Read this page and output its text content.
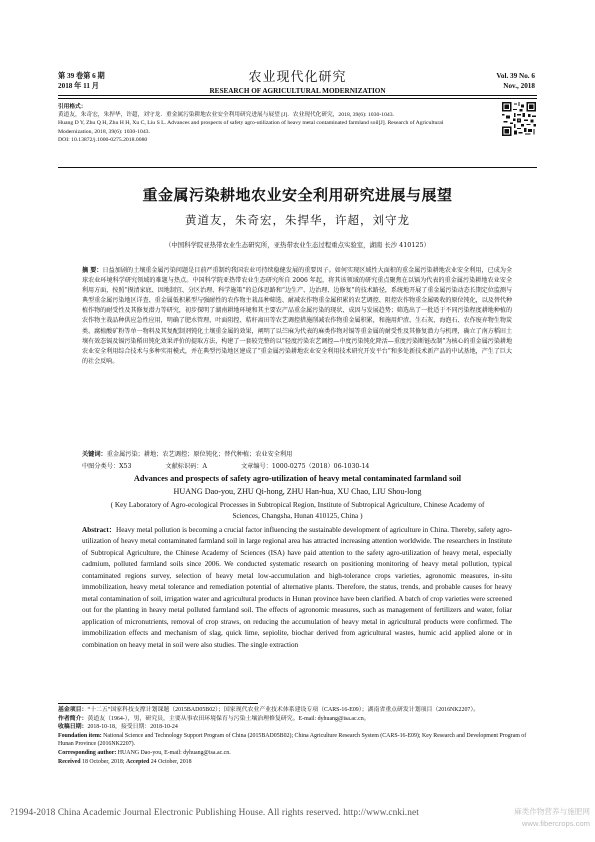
第 39 卷第 6 期
2018 年 11 月
农业现代化研究
RESEARCH OF AGRICULTURAL MODERNIZATION
Vol. 39 No. 6
Nov., 2018
引用格式：
黄道友，朱奇宏，朱捍华，许超，刘守龙．重金属污染耕地农业安全利用研究进展与展望 [J]．农业现代化研究，2018, 39(6): 1030-1043.
Huang D Y, Zhu Q H, Zhu H H, Xu C, Liu S L. Advances and prospects of safety agro-utilization of heavy metal contaminated farmland soil[J]. Research of Agricultural Modernization, 2018, 39(6): 1030-1043.
DOI: 10.13872/j.1000-0275.2018.0080
重金属污染耕地农业安全利用研究进展与展望
黄道友，朱奇宏，朱捍华，许超，刘守龙
（中国科学院亚热带农业生态研究所，亚热带农业生态过程重点实验室，湖南 长沙 410125）
摘 要：日益加剧的土壤重金属污染问题是目前严重制约我国农业可持续稳健发展的重要因子。如何实现区域性大面积的重金属污染耕地农业安全利用，已成为全球农业环境科学研究领域的难题与热点。中国科学院亚热带农业生态研究所自 2006 年起，将其该领域的研究重点聚焦在以镉为代表的重金属污染耕地农业安全利用方面，按照“摸清家底、因地制宜、分区治理、科学施策”的总体思路和“边生产、边治理、边修复”的技术路径，系统地开展了重金属污染动态长期定位监测与典型重金属污染地区详查、重金属低积累型与强耐性的农作物主栽品种筛选、耐减农作物重金属积累的农艺调控、阻控农作物重金属吸收的原位钝化，以及替代种植作物的耐受性及其修复潜力等研究，初步探明了湖南耕地环境和其主要农产品重金属污染的现状、成因与发展趋势；筛选出了一批适于不同污染程度耕地种植的农作物主栽品种供应急性应用，明确了肥水管理、叶面阻控、秸秆离田等农艺调控措施削减农作物重金属积累，和施用炉渣、生石灰、海泡石、农作废弃物生物炭类、腐植酸矿粉等单一物料及其复配制剂钝化土壤重金属的效果，阐明了以苎麻为代表的麻类作物对镉等重金属的耐受性及其修复潜力与机理，确立了南方稻田土壤有效态镉及镉污染稻田钝化效果评价的提取方法，构建了一套较完整的以“轻度污染农艺调控—中度污染钝化降活—重度污染断链改制”为核心的重金属污染耕地农业安全利用综合技术与多种实用模式，并在典型污染地区建成了“重金属污染耕地农业安全利用技术研究开发平台”和多处新技术新产品的中试基地，产生了巨大的社会反响。
关键词：重金属污染；耕地；农艺调控；原位钝化；替代种植；农业安全利用
中图分类号：X53	文献标识码：A	文章编号：1000-0275（2018）06-1030-14
Advances and prospects of safety agro-utilization of heavy metal contaminated farmland soil
HUANG Dao-you, ZHU Qi-hong, ZHU Han-hua, XU Chao, LIU Shou-long
( Key Laboratory of Agro-ecological Processes in Subtropical Region, Institute of Subtropical Agriculture, Chinese Academy of Sciences, Changsha, Hunan 410125, China )
Abstract：Heavy metal pollution is becoming a crucial factor influencing the sustainable development of agriculture in China. Thereby, safety agro-utilization of heavy metal contaminated farmland soil in large regional area has attracted increasing attention worldwide. The researchers in Institute of Subtropical Agriculture, the Chinese Academy of Sciences (ISA) have paid attention to the safety agro-utilization of heavy metal, especially cadmium, polluted farmland soils since 2006. We conducted systematic research on positioning monitoring of heavy metal pollution, typical contaminated regions survey, selection of heavy metal low-accumulation and high-tolerance crops varieties, agronomic measures, in-situ immobilization, heavy metal tolerance and remediation potential of alternative plants. Therefore, the status, trends, and probable causes for heavy metal contamination of soil, irrigation water and agricultural products in Hunan province have been clarified. A batch of crop varieties were screened out for the planting in heavy metal polluted farmland soil. The effects of agronomic measures, such as management of fertilizers and water, foliar application of micronutrients, removal of crop straws, on reducing the accumulation of heavy metal in agricultural products were confirmed. The immobilization effects and mechanism of slag, quick lime, sepiolite, biochar derived from agricultural wastes, humic acid applied alone or in combination on heavy metal in soil were also studies. The single extraction
基金项目：“十二五”国家科技支撑计划课题（2015BAD05B02）；国家现代农业产业技术体系建设专项（CARS-16-E09）；湖南省重点研发计划项目（2016NK2207）。
作者简介：黄道友（1964-），男，研究员，主要从事农田环境保育与污染土壤治理修复研究。E-mail: dyhuang@isa.ac.cn。
收稿日期：2018-10-18，接受日期：2018-10-24
Foundation item: National Science and Technology Support Program of China (2015BAD05B02); China Agriculture Research System (CARS-16-E09); Key Research and Development Program of Hunan Province (2016NK2207).
Corresponding author: HUANG Dao-you, E-mail: dyhuang@isa.ac.cn.
Received 18 October, 2018; Accepted 24 October, 2018
?1994-2018 China Academic Journal Electronic Publishing House. All rights reserved. http://www.cnki.net	麻类作物营养与施肥网
www.fibercrops.com
